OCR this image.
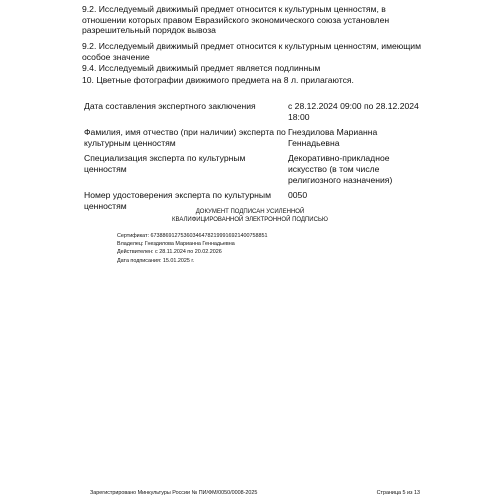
9.2. Исследуемый движимый предмет относится к культурным ценностям, в отношении которых правом Евразийского экономического союза установлен разрешительный порядок вывоза

9.2. Исследуемый движимый предмет относится к культурным ценностям, имеющим особое значение

9.4. Исследуемый движимый предмет является подлинным

10. Цветные фотографии движимого предмета на 8 л. прилагаются.

Дата составления экспертного заключения	с 28.12.2024 09:00 по 28.12.2024 18:00
Фамилия, имя отчество (при наличии) эксперта по культурным ценностям
Гнездилова Марианна Геннадьевна
Специализация эксперта по культурным ценностям
Декоративно-прикладное искусство (в том числе религиозного назначения)
Номер удостоверения эксперта по культурным ценностям
0050
ДОКУМЕНТ ПОДПИСАН УСИЛЕННОЙ КВАЛИФИЦИРОВАННОЙ ЭЛЕКТРОННОЙ ПОДПИСЬЮ
Сертификат: 673886912753603464782199916921400758851
Владелец: Гнездилова Марианна Геннадьевна
Действителен: с 28.11.2024 по 20.02.2026
Дата подписания: 15.01.2025 г.
Зарегистрировано Минкультуры России № ПИ/ФМ/0050/0008-2025	Страница 5 из 13
